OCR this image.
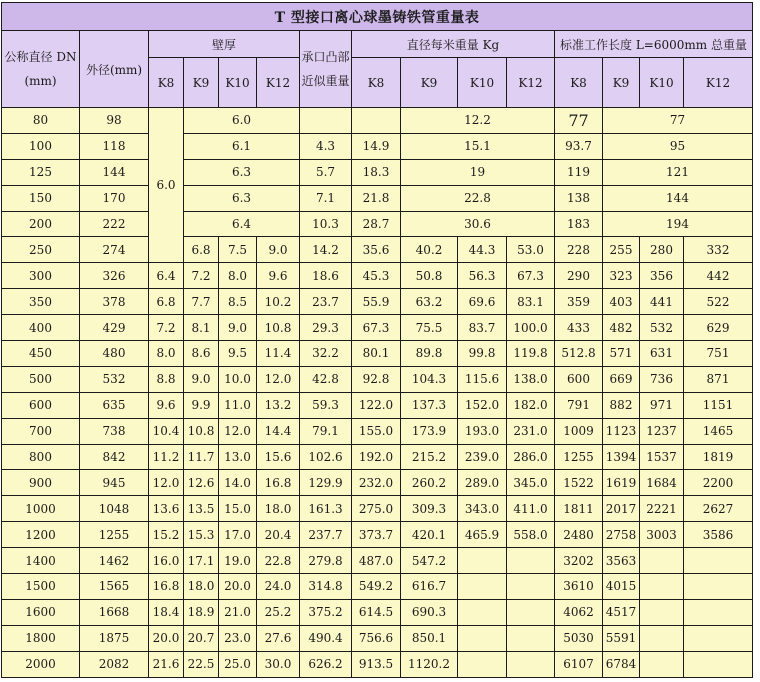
T 型接口离心球墨铸铁管重量表														
公称直径 DN (mm)	外径(mm)	壁厚				承口凸部近似重量	直径每米重量 Kg				标准工作长度 L=6000mm 总重量			
		K8	K9	K10	K12		K8	K9	K10	K12	K8	K9	K10	K12
80	98	6.0	6.0					12.2			77	77		
100	118		6.1			4.3	14.9	15.1			93.7	95		
125	144		6.3			5.7	18.3	19			119	121		
150	170		6.3			7.1	21.8	22.8			138	144		
200	222		6.4			10.3	28.7	30.6			183	194		
250	274		6.8	7.5	9.0	14.2	35.6	40.2	44.3	53.0	228	255	280	332
300	326	6.4	7.2	8.0	9.6	18.6	45.3	50.8	56.3	67.3	290	323	356	442
350	378	6.8	7.7	8.5	10.2	23.7	55.9	63.2	69.6	83.1	359	403	441	522
400	429	7.2	8.1	9.0	10.8	29.3	67.3	75.5	83.7	100.0	433	482	532	629
450	480	8.0	8.6	9.5	11.4	32.2	80.1	89.8	99.8	119.8	512.8	571	631	751
500	532	8.8	9.0	10.0	12.0	42.8	92.8	104.3	115.6	138.0	600	669	736	871
600	635	9.6	9.9	11.0	13.2	59.3	122.0	137.3	152.0	182.0	791	882	971	1151
700	738	10.4	10.8	12.0	14.4	79.1	155.0	173.9	193.0	231.0	1009	1123	1237	1465
800	842	11.2	11.7	13.0	15.6	102.6	192.0	215.2	239.0	286.0	1255	1394	1537	1819
900	945	12.0	12.6	14.0	16.8	129.9	232.0	260.2	289.0	345.0	1522	1619	1684	2200
1000	1048	13.6	13.5	15.0	18.0	161.3	275.0	309.3	343.0	411.0	1811	2017	2221	2627
1200	1255	15.2	15.3	17.0	20.4	237.7	373.7	420.1	465.9	558.0	2480	2758	3003	3586
1400	1462	16.0	17.1	19.0	22.8	279.8	487.0	547.2			3202	3563		
1500	1565	16.8	18.0	20.0	24.0	314.8	549.2	616.7			3610	4015		
1600	1668	18.4	18.9	21.0	25.2	375.2	614.5	690.3			4062	4517		
1800	1875	20.0	20.7	23.0	27.6	490.4	756.6	850.1			5030	5591		
2000	2082	21.6	22.5	25.0	30.0	626.2	913.5	1120.2			6107	6784		
